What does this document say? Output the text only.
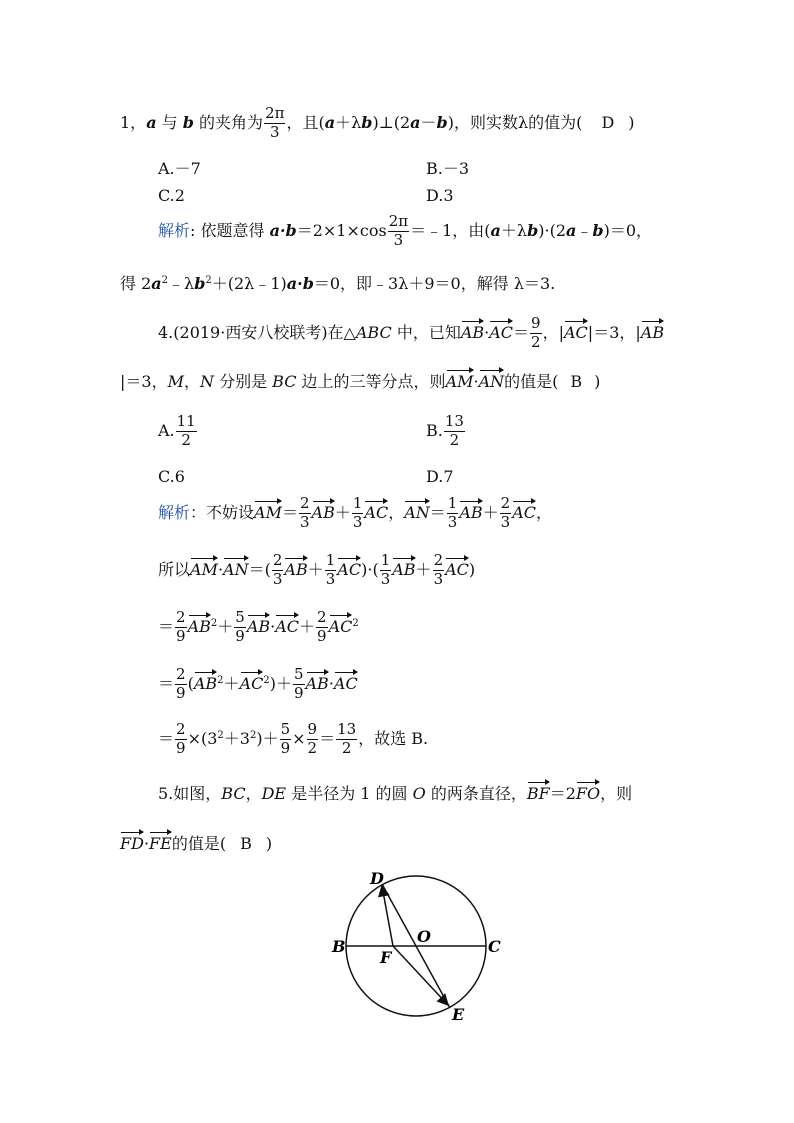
1，a 与 b 的夹角为 $\frac{2\pi}{3}$ ，且(a＋λb)⊥(2a－b)，则实数λ的值为( D )
A.－7	B.－3
C.2	D.3
解析: 依题意得 $a\cdot b=2\times 1\times\cos \frac{2\pi}{3}$ ＝﹣1，由(a＋λb)·(2a﹣b)＝0，
得 $2a^2﹣\lambda b^2+(2\lambda﹣1)a\cdot b=0$，即﹣3λ＋9＝0，解得 λ＝3.
4.(2019·西安八校联考)在△ABC 中，已知$AB\cdot AC= \frac{9}{2}$ ，|AC|＝3，|AB
|＝3，M，N 分别是 BC 边上的三等分点，则AM·AN的值是( B )
A. $\frac{11}{2}$	B. $\frac{13}{2}$
C.6	D.7
解析：不妨设$AM= \frac{2}{3} AB+ \frac{1}{3}$ AC，$AN= \frac{1}{3} AB+ \frac{2}{3}$ AC，
所以$AM\cdot AN=( \frac{2}{3} AB+ \frac{1}{3} AC)\cdot( \frac{1}{3} AB+ \frac{2}{3} AC)$
＝ $\frac{2}{9} AB^2+ \frac{5}{9} AB\cdot AC+ \frac{2}{9} AC^2$
＝ $\frac{2}{9} (AB^2+AC^2)+ \frac{5}{9} AB\cdot AC$
＝ $\frac{2}{9} \times(3^2+3^2)+ \frac{5}{9} \times \frac{9}{2} = \frac{13}{2}$ ，故选 B.
5.如图，BC，DE 是半径为 1 的圆 O 的两条直径，BF＝2FO，则
FD·FE的值是( B )
D
O
B	C
F
E
